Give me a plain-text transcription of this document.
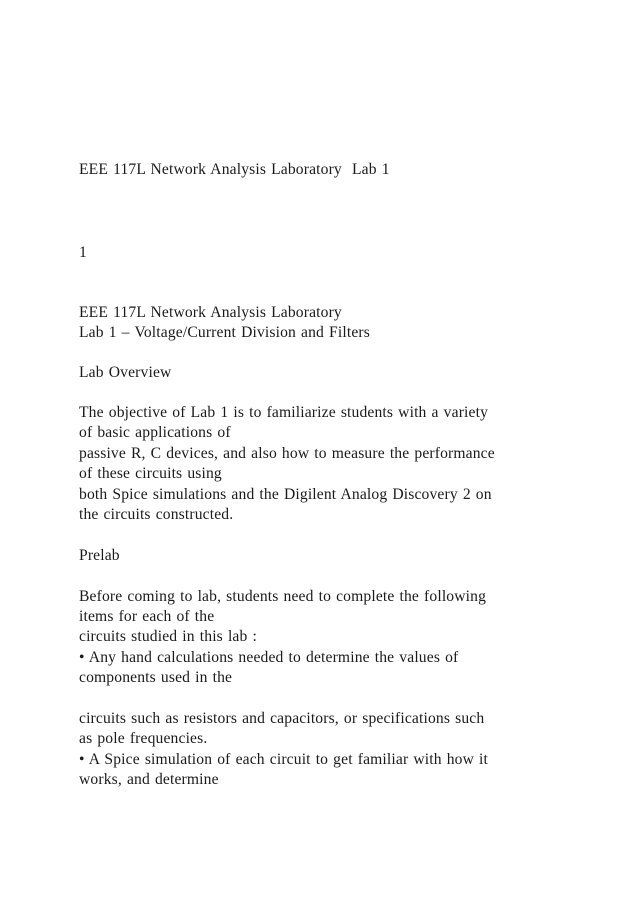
EEE 117L Network Analysis Laboratory  Lab 1
1
EEE 117L Network Analysis Laboratory
Lab 1 – Voltage/Current Division and Filters
Lab Overview
The objective of Lab 1 is to familiarize students with a variety
of basic applications of
passive R, C devices, and also how to measure the performance
of these circuits using
both Spice simulations and the Digilent Analog Discovery 2 on
the circuits constructed.
Prelab
Before coming to lab, students need to complete the following
items for each of the
circuits studied in this lab :
• Any hand calculations needed to determine the values of
components used in the
circuits such as resistors and capacitors, or specifications such
as pole frequencies.
• A Spice simulation of each circuit to get familiar with how it
works, and determine
